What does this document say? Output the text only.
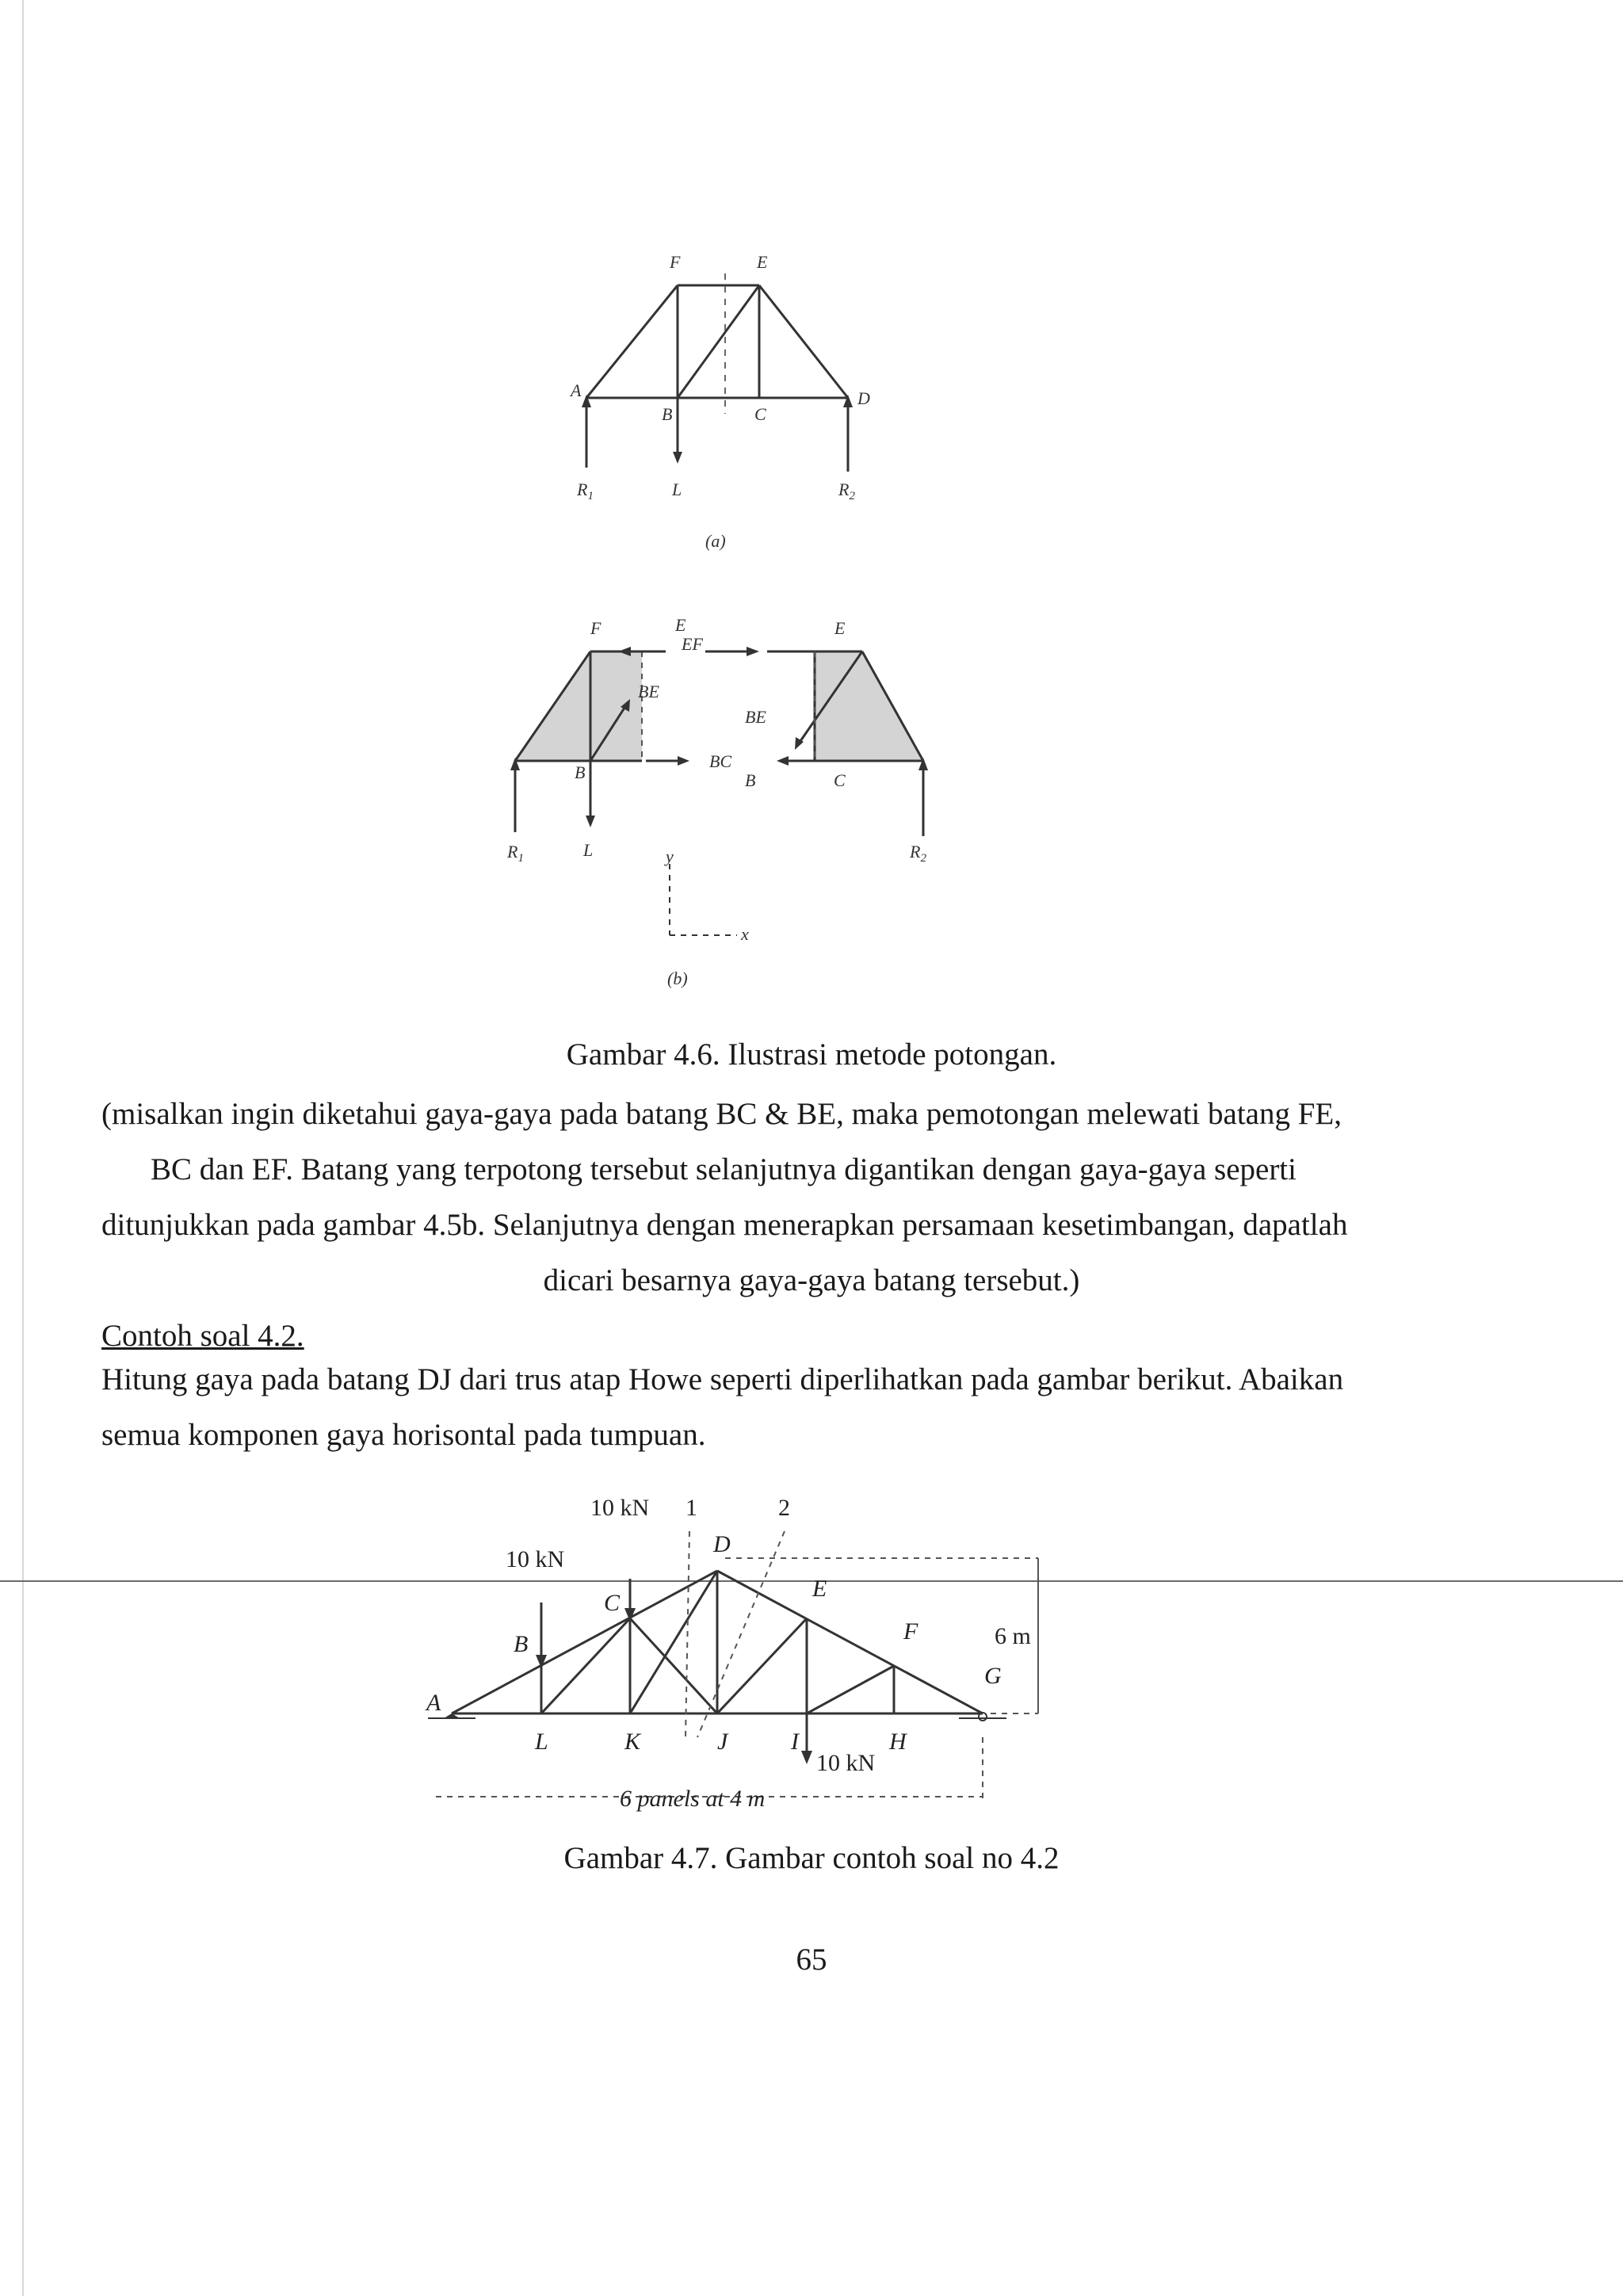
F	E
A
B	C
D
$R_1$	L	$R_2$
(a)
F	E	E
EF
BE
BE
BC
B	B	C
$R_1$	L	$R_2$
y
x
(b)
Gambar 4.6. Ilustrasi metode potongan.
(misalkan ingin diketahui gaya-gaya pada batang BC & BE, maka pemotongan melewati batang FE,
BC dan EF. Batang yang terpotong tersebut selanjutnya digantikan dengan gaya-gaya seperti
ditunjukkan pada gambar 4.5b. Selanjutnya dengan menerapkan persamaan kesetimbangan, dapatlah
dicari besarnya gaya-gaya batang tersebut.)
Contoh soal 4.2.
Hitung gaya pada batang DJ dari trus atap Howe seperti diperlihatkan pada gambar berikut. Abaikan
semua komponen gaya horisontal pada tumpuan.
A
B
C
D
E
F
G
L	K	J	I	H
10 kN
10 kN
10 kN
1	2
6 m
6 panels at 4 m
Gambar 4.7. Gambar contoh soal no 4.2
65
